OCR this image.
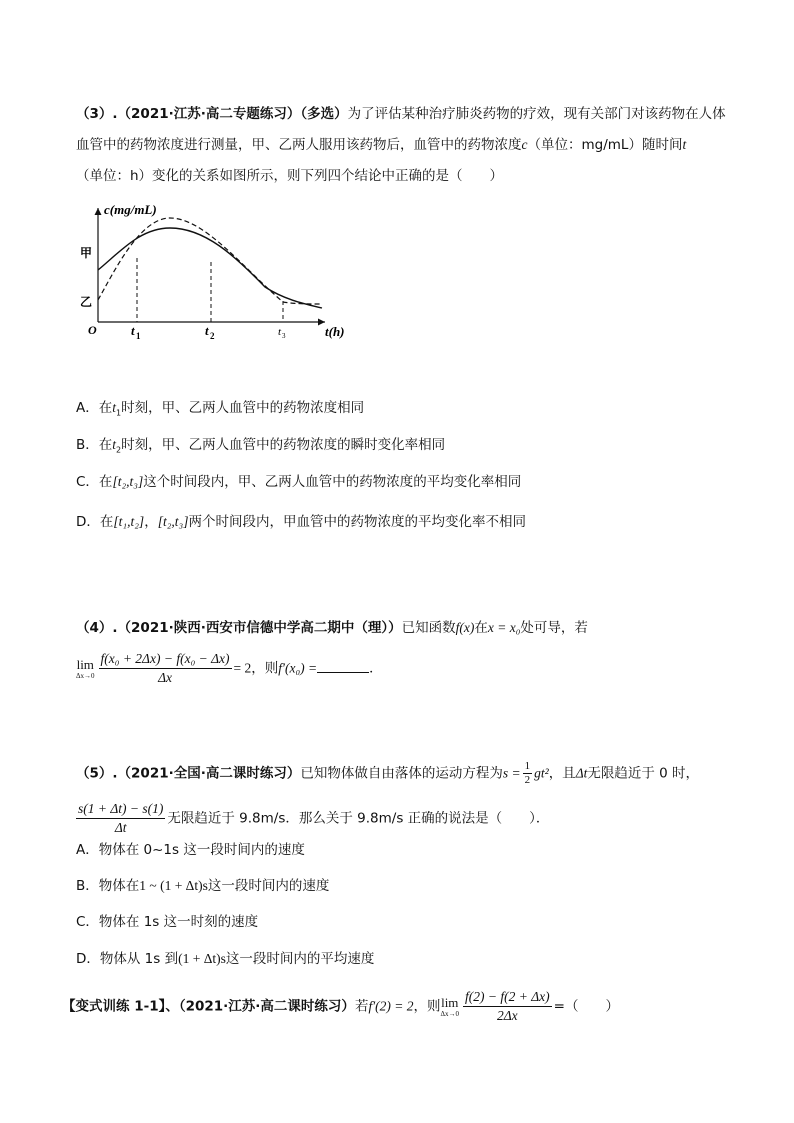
（3）.（2021·江苏·高二专题练习）（多选）为了评估某种治疗肺炎药物的疗效，现有关部门对该药物在人体
血管中的药物浓度进行测量，甲、乙两人服用该药物后，血管中的药物浓度c（单位：mg/mL）随时间t
（单位：h）变化的关系如图所示，则下列四个结论中正确的是（　　）
c(mg/mL)
t(h)
O
甲
乙
t 1	t 2	t 3
A．在$t_1$时刻，甲、乙两人血管中的药物浓度相同
B．在$t_2$时刻，甲、乙两人血管中的药物浓度的瞬时变化率相同
C．在[t₂,t₃]这个时间段内，甲、乙两人血管中的药物浓度的平均变化率相同
D．在[t₁,t₂]，[t₂,t₃]两个时间段内，甲血管中的药物浓度的平均变化率不相同
（4）.（2021·陕西·西安市信德中学高二期中（理））已知函数f(x)在x = x₀处可导，若
lim
$\Delta x\to 0 \frac{\text{f(x₀ + 2Δx) − f(x₀ − Δx)}}{\Delta x} = 2$，则f′(x₀) =	．
（5）.（2021·全国·高二课时练习）已知物体做自由落体的运动方程为$s = \frac{1}{2} gt^2$，且Δt无限趋近于 0 时，
$\frac{s(1 + \Delta t) - s(1)}{\Delta t}$ 无限趋近于 9.8m/s．那么关于 9.8m/s 正确的说法是（　　）．
A．物体在 0~1s 这一段时间内的速度
B．物体在1 ~ (1 + Δt)s这一段时间内的速度
C．物体在 1s 这一时刻的速度
D．物体从 1s 到(1 + Δt)s这一段时间内的平均速度
【变式训练 1-1】、（2021·江苏·高二课时练习）若f′(2) = 2，则 lim
$\Delta x\to 0 \frac{f(2) - f(2 + \Delta x)}{2\Delta x}$ =（　　）
